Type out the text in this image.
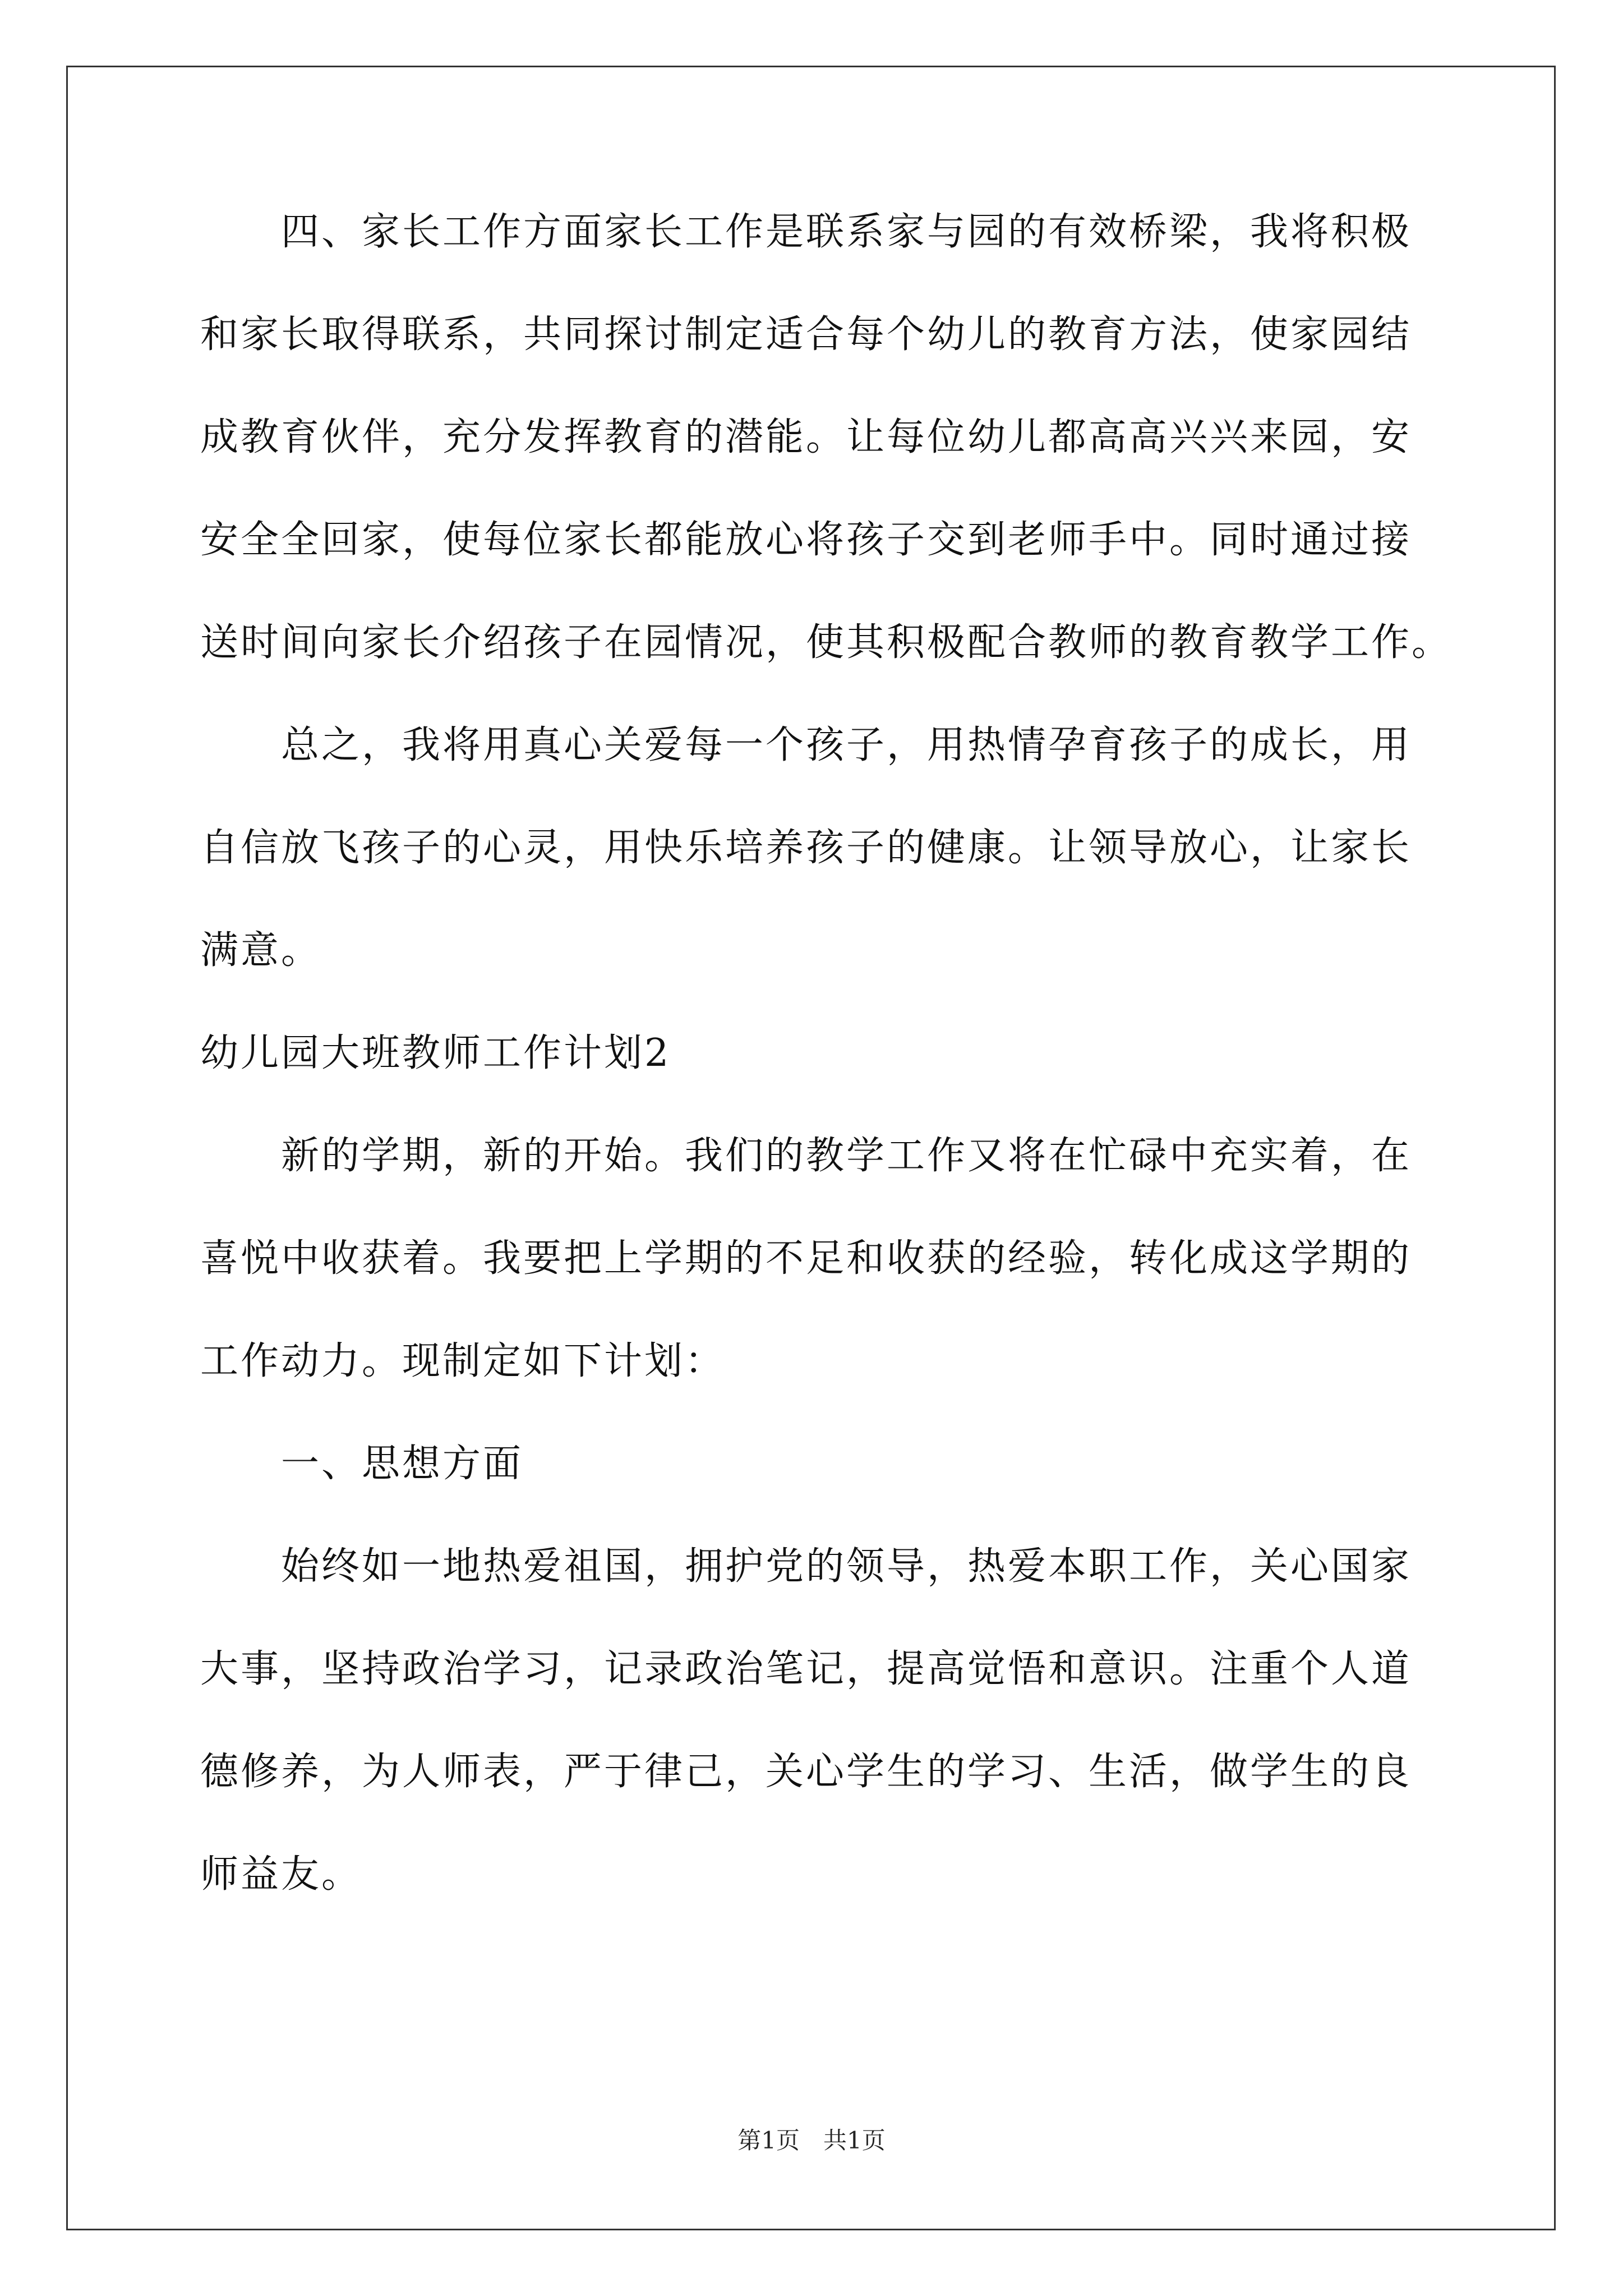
　　四、家长工作方面家长工作是联系家与园的有效桥梁，我将积极
和家长取得联系，共同探讨制定适合每个幼儿的教育方法，使家园结
成教育伙伴，充分发挥教育的潜能。让每位幼儿都高高兴兴来园，安
安全全回家，使每位家长都能放心将孩子交到老师手中。同时通过接
送时间向家长介绍孩子在园情况，使其积极配合教师的教育教学工作。
　　总之，我将用真心关爱每一个孩子，用热情孕育孩子的成长，用
自信放飞孩子的心灵，用快乐培养孩子的健康。让领导放心，让家长
满意。
幼儿园大班教师工作计划2
　　新的学期，新的开始。我们的教学工作又将在忙碌中充实着，在
喜悦中收获着。我要把上学期的不足和收获的经验，转化成这学期的
工作动力。现制定如下计划：
　　一、思想方面
　　始终如一地热爱祖国，拥护党的领导，热爱本职工作，关心国家
大事，坚持政治学习，记录政治笔记，提高觉悟和意识。注重个人道
德修养，为人师表，严于律己，关心学生的学习、生活，做学生的良
师益友。
第1页　共1页
